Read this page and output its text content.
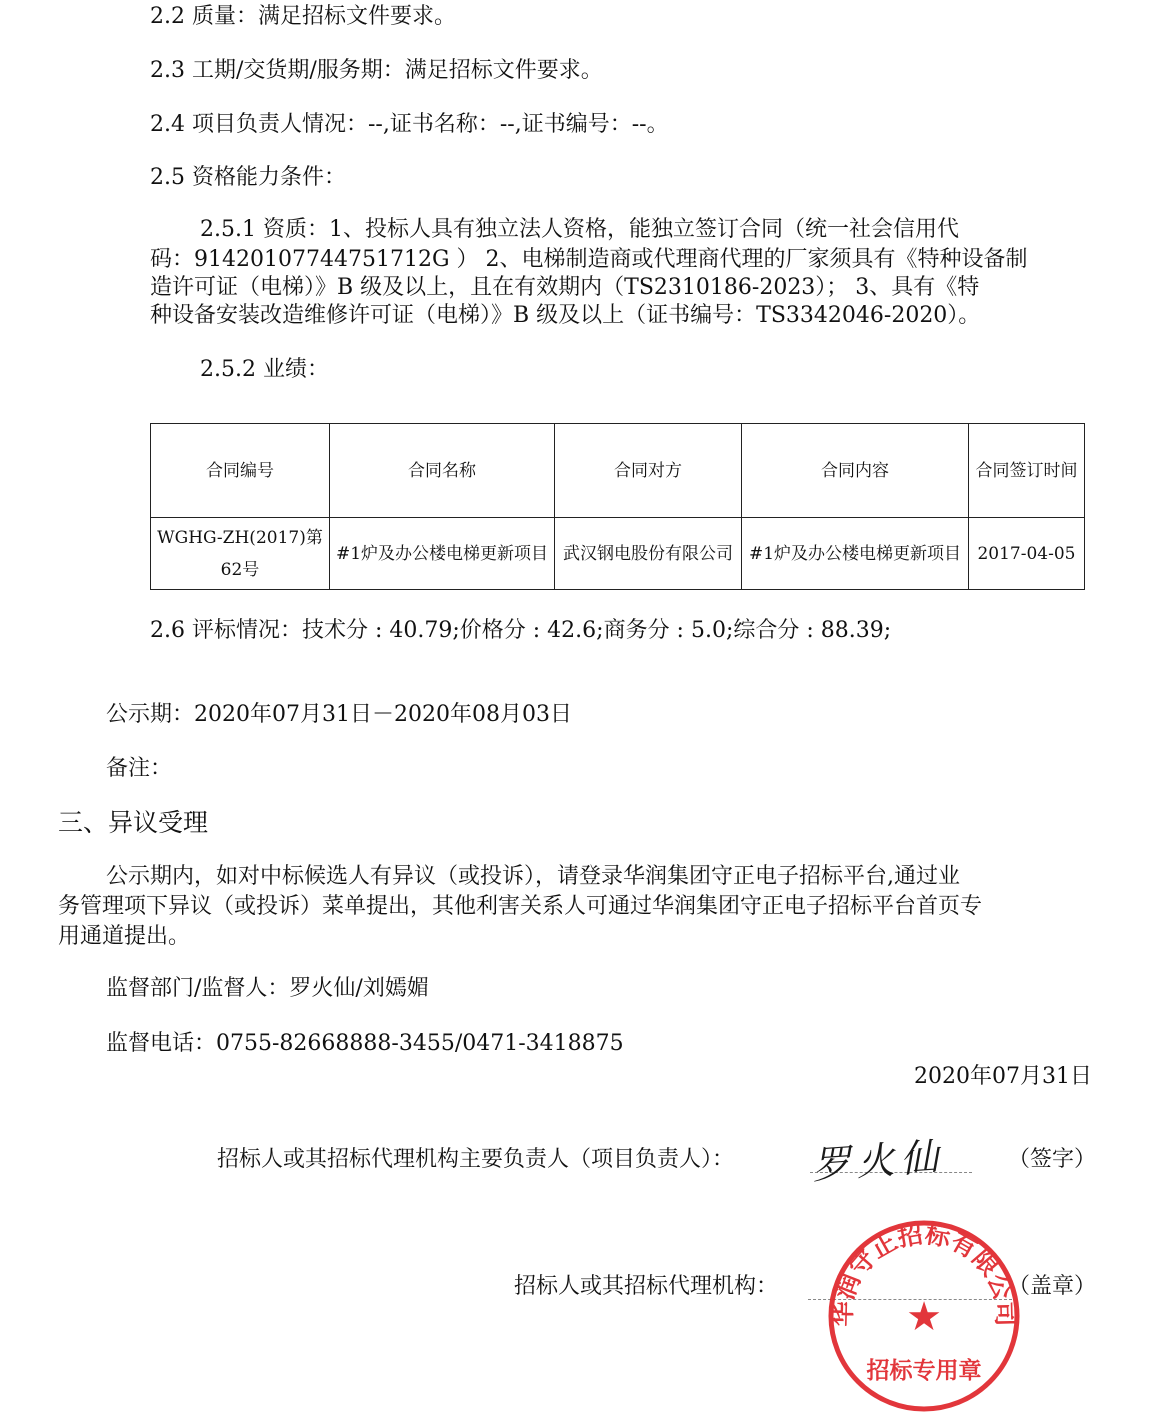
2.2 质量：满足招标文件要求。
2.3 工期/交货期/服务期：满足招标文件要求。
2.4 项目负责人情况：--,证书名称：--,证书编号：--。
2.5 资格能力条件：
2.5.1 资质：1、投标人具有独立法人资格，能独立签订合同（统一社会信用代
码：91420107744751712G ） 2、电梯制造商或代理商代理的厂家须具有《特种设备制
造许可证（电梯）》B 级及以上，且在有效期内（TS2310186-2023）； 3、具有《特
种设备安装改造维修许可证（电梯）》B 级及以上（证书编号：TS3342046-2020）。
2.5.2 业绩：
合同编号	合同名称	合同对方	合同内容	合同签订时间
WGHG-ZH(2017)第62号	#1炉及办公楼电梯更新项目	武汉钢电股份有限公司	#1炉及办公楼电梯更新项目	2017-04-05
2.6 评标情况：技术分 : 40.79;价格分 : 42.6;商务分 : 5.0;综合分 : 88.39;
公示期：2020年07月31日－2020年08月03日
备注：
三、异议受理
公示期内，如对中标候选人有异议（或投诉），请登录华润集团守正电子招标平台,通过业
务管理项下异议（或投诉）菜单提出，其他利害关系人可通过华润集团守正电子招标平台首页专
用通道提出。
监督部门/监督人：罗火仙/刘嫣媚
监督电话：0755-82668888-3455/0471-3418875
2020年07月31日
招标人或其招标代理机构主要负责人（项目负责人）： 罗火仙	（签字）
招标人或其招标代理机构：	（盖章）
华润守正招标有限公司
★
招标专用章
